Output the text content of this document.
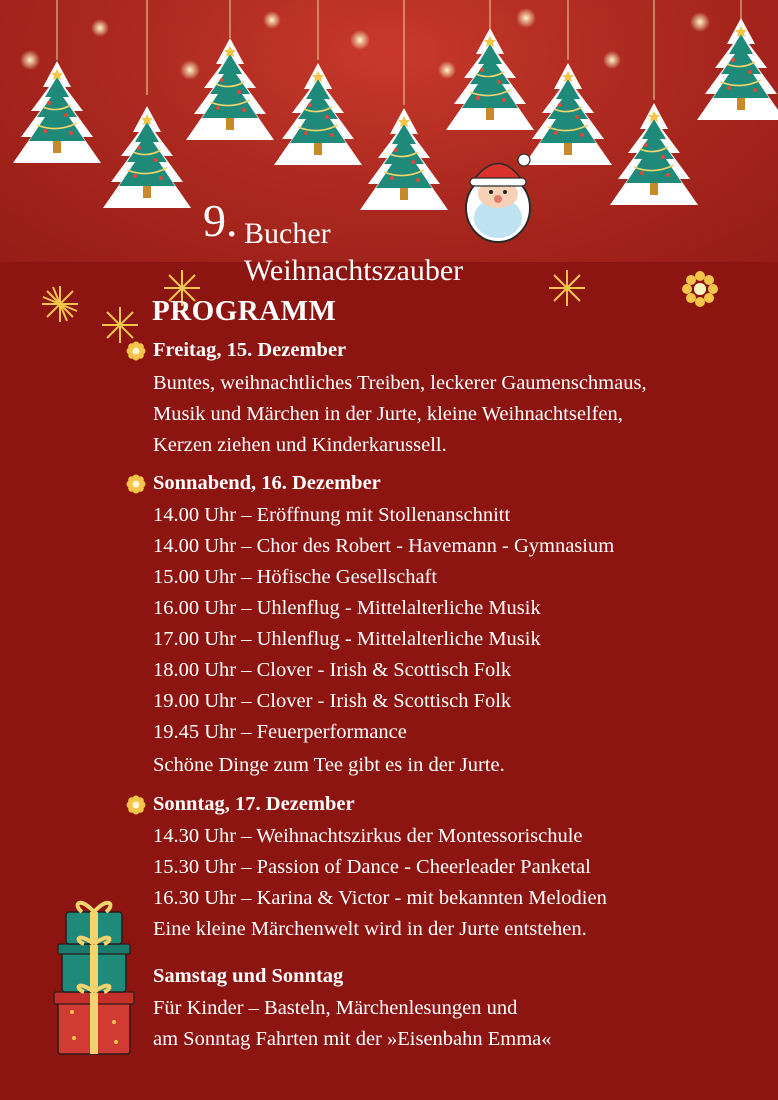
9. Bucher
Weihnachtszauber
PROGRAMM
Freitag, 15. Dezember
Buntes, weihnachtliches Treiben, leckerer Gaumenschmaus,
Musik und Märchen in der Jurte, kleine Weihnachtselfen,
Kerzen ziehen und Kinderkarussell.
Sonnabend, 16. Dezember
14.00 Uhr – Eröffnung mit Stollenanschnitt
14.00 Uhr – Chor des Robert - Havemann - Gymnasium
15.00 Uhr – Höfische Gesellschaft
16.00 Uhr – Uhlenflug - Mittelalterliche Musik
17.00 Uhr – Uhlenflug - Mittelalterliche Musik
18.00 Uhr – Clover - Irish & Scottisch Folk
19.00 Uhr – Clover - Irish & Scottisch Folk
19.45 Uhr – Feuerperformance
Schöne Dinge zum Tee gibt es in der Jurte.
Sonntag, 17. Dezember
14.30 Uhr – Weihnachtszirkus der Montessorischule
15.30 Uhr – Passion of Dance - Cheerleader Panketal
16.30 Uhr – Karina & Victor - mit bekannten Melodien
Eine kleine Märchenwelt wird in der Jurte entstehen.
Samstag und Sonntag
Für Kinder – Basteln, Märchenlesungen und
am Sonntag Fahrten mit der »Eisenbahn Emma«
